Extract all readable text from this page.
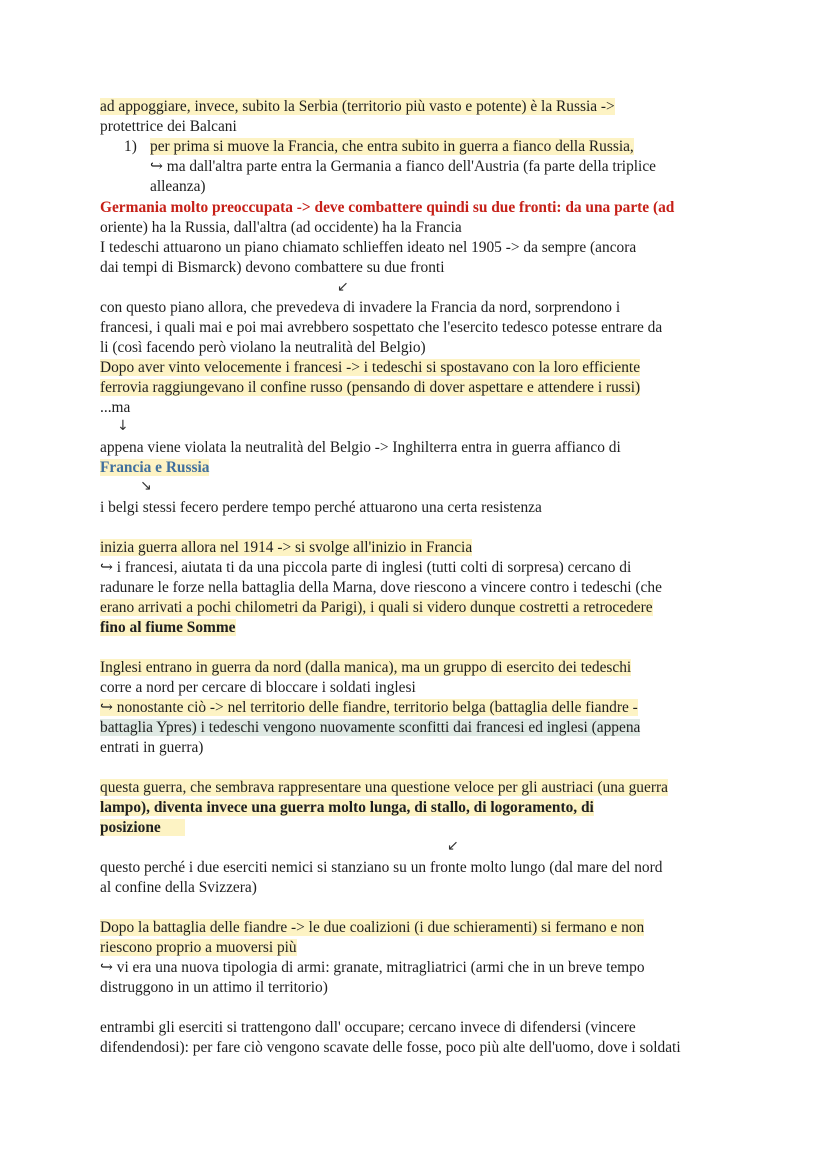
ad appoggiare, invece, subito la Serbia (territorio più vasto e potente) è la Russia ->
protettrice dei Balcani
1) per prima si muove la Francia, che entra subito in guerra a fianco della Russia,
↪ ma dall'altra parte entra la Germania a fianco dell'Austria (fa parte della triplice
alleanza)
Germania molto preoccupata -> deve combattere quindi su due fronti: da una parte (ad
oriente) ha la Russia, dall'altra (ad occidente) ha la Francia
I tedeschi attuarono un piano chiamato schlieffen ideato nel 1905 -> da sempre (ancora
dai tempi di Bismarck) devono combattere su due fronti
↙
con questo piano allora, che prevedeva di invadere la Francia da nord, sorprendono i
francesi, i quali mai e poi mai avrebbero sospettato che l'esercito tedesco potesse entrare da
li (così facendo però violano la neutralità del Belgio)
Dopo aver vinto velocemente i francesi -> i tedeschi si spostavano con la loro efficiente
ferrovia raggiungevano il confine russo (pensando di dover aspettare e attendere i russi)
...ma
↓
appena viene violata la neutralità del Belgio -> Inghilterra entra in guerra affianco di
Francia e Russia
↘
i belgi stessi fecero perdere tempo perché attuarono una certa resistenza
inizia guerra allora nel 1914 -> si svolge all'inizio in Francia
↪ i francesi, aiutata ti da una piccola parte di inglesi (tutti colti di sorpresa) cercano di
radunare le forze nella battaglia della Marna, dove riescono a vincere contro i tedeschi (che
erano arrivati a pochi chilometri da Parigi), i quali si videro dunque costretti a retrocedere
fino al fiume Somme
Inglesi entrano in guerra da nord (dalla manica), ma un gruppo di esercito dei tedeschi
corre a nord per cercare di bloccare i soldati inglesi
↪ nonostante ciò -> nel territorio delle fiandre, territorio belga (battaglia delle fiandre -
battaglia Ypres) i tedeschi vengono nuovamente sconfitti dai francesi ed inglesi (appena
entrati in guerra)
questa guerra, che sembrava rappresentare una questione veloce per gli austriaci (una guerra
lampo), diventa invece una guerra molto lunga, di stallo, di logoramento, di
posizione
↙
questo perché i due eserciti nemici si stanziano su un fronte molto lungo (dal mare del nord
al confine della Svizzera)
Dopo la battaglia delle fiandre -> le due coalizioni (i due schieramenti) si fermano e non
riescono proprio a muoversi più
↪ vi era una nuova tipologia di armi: granate, mitragliatrici (armi che in un breve tempo
distruggono in un attimo il territorio)
entrambi gli eserciti si trattengono dall' occupare; cercano invece di difendersi (vincere
difendendosi): per fare ciò vengono scavate delle fosse, poco più alte dell'uomo, dove i soldati
